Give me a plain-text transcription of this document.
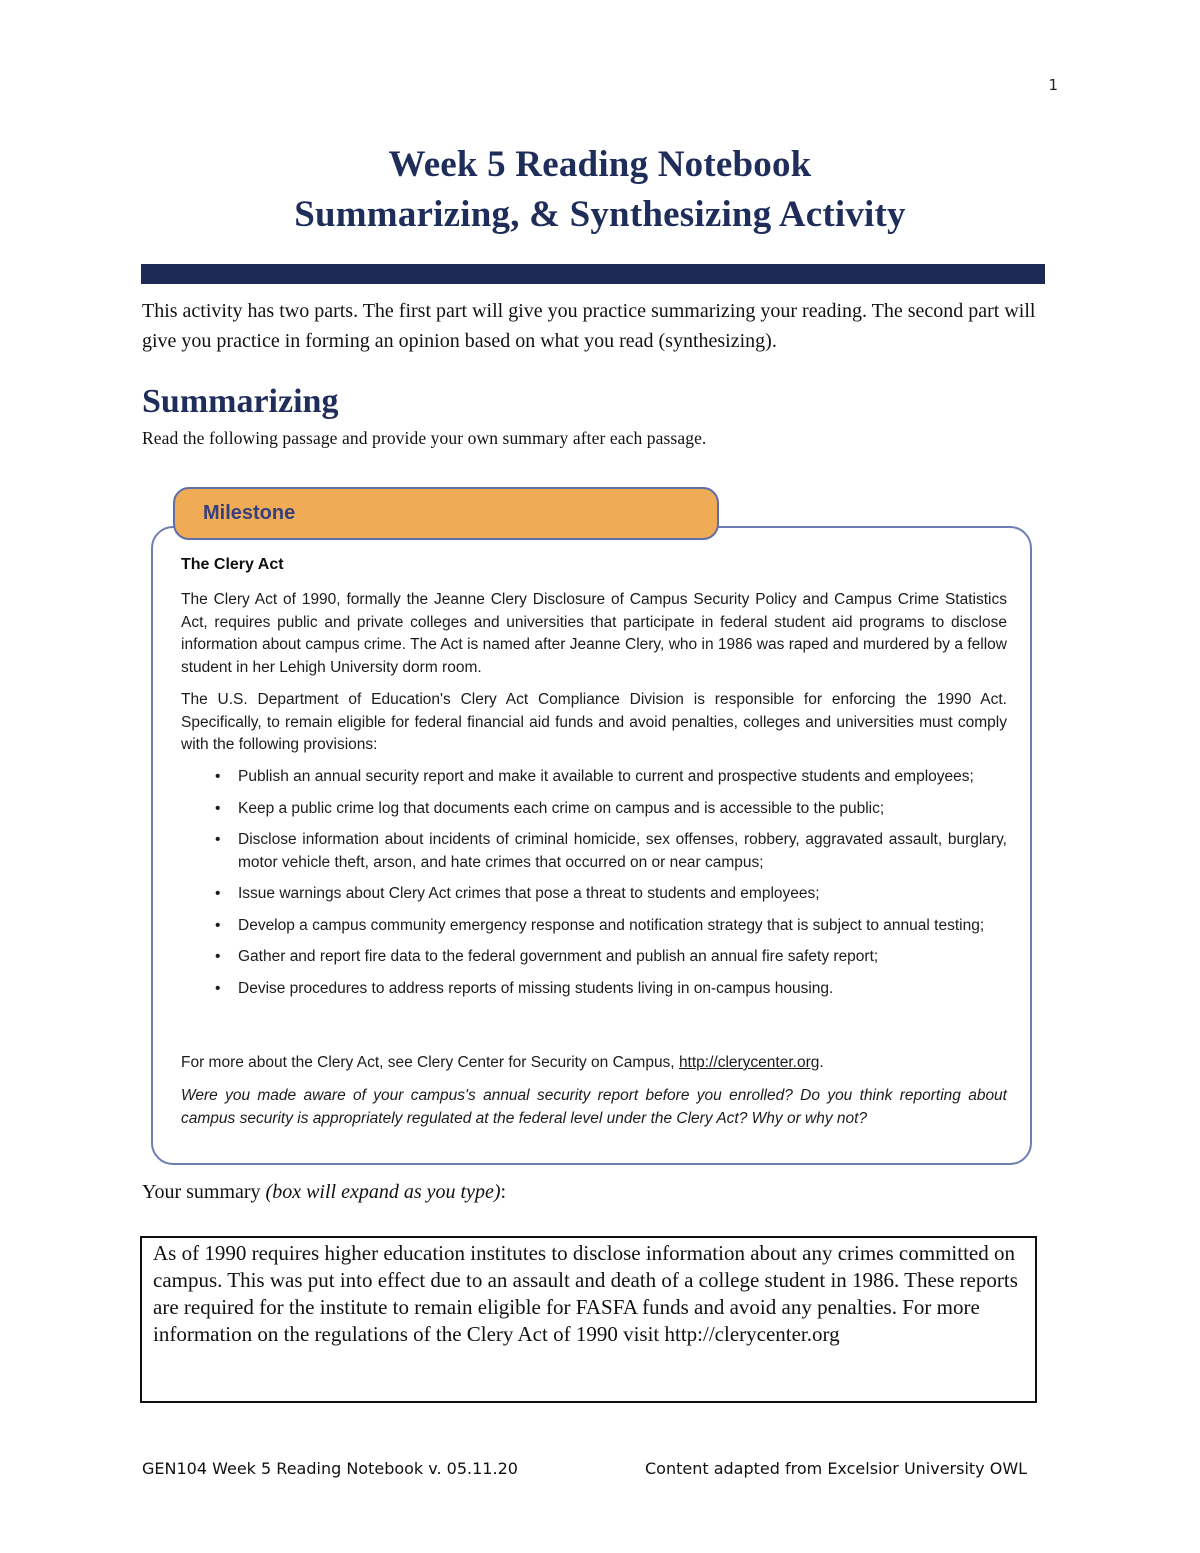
1
Week 5 Reading Notebook
Summarizing, & Synthesizing Activity
This activity has two parts. The first part will give you practice summarizing your reading. The second part will give you practice in forming an opinion based on what you read (synthesizing).
Summarizing
Read the following passage and provide your own summary after each passage.
Milestone
The Clery Act
The Clery Act of 1990, formally the Jeanne Clery Disclosure of Campus Security Policy and Campus Crime Statistics Act, requires public and private colleges and universities that participate in federal student aid programs to disclose information about campus crime. The Act is named after Jeanne Clery, who in 1986 was raped and murdered by a fellow student in her Lehigh University dorm room.
The U.S. Department of Education's Clery Act Compliance Division is responsible for enforcing the 1990 Act. Specifically, to remain eligible for federal financial aid funds and avoid penalties, colleges and universities must comply with the following provisions:
• Publish an annual security report and make it available to current and prospective students and employees;
• Keep a public crime log that documents each crime on campus and is accessible to the public;
• Disclose information about incidents of criminal homicide, sex offenses, robbery, aggravated assault, burglary, motor vehicle theft, arson, and hate crimes that occurred on or near campus;
• Issue warnings about Clery Act crimes that pose a threat to students and employees;
• Develop a campus community emergency response and notification strategy that is subject to annual testing;
• Gather and report fire data to the federal government and publish an annual fire safety report;
• Devise procedures to address reports of missing students living in on-campus housing.
For more about the Clery Act, see Clery Center for Security on Campus, http://clerycenter.org.
Were you made aware of your campus's annual security report before you enrolled? Do you think reporting about campus security is appropriately regulated at the federal level under the Clery Act? Why or why not?
Your summary (box will expand as you type):
As of 1990 requires higher education institutes to disclose information about any crimes committed on campus. This was put into effect due to an assault and death of a college student in 1986. These reports are required for the institute to remain eligible for FASFA funds and avoid any penalties. For more information on the regulations of the Clery Act of 1990 visit http://clerycenter.org
GEN104 Week 5 Reading Notebook v. 05.11.20	Content adapted from Excelsior University OWL
